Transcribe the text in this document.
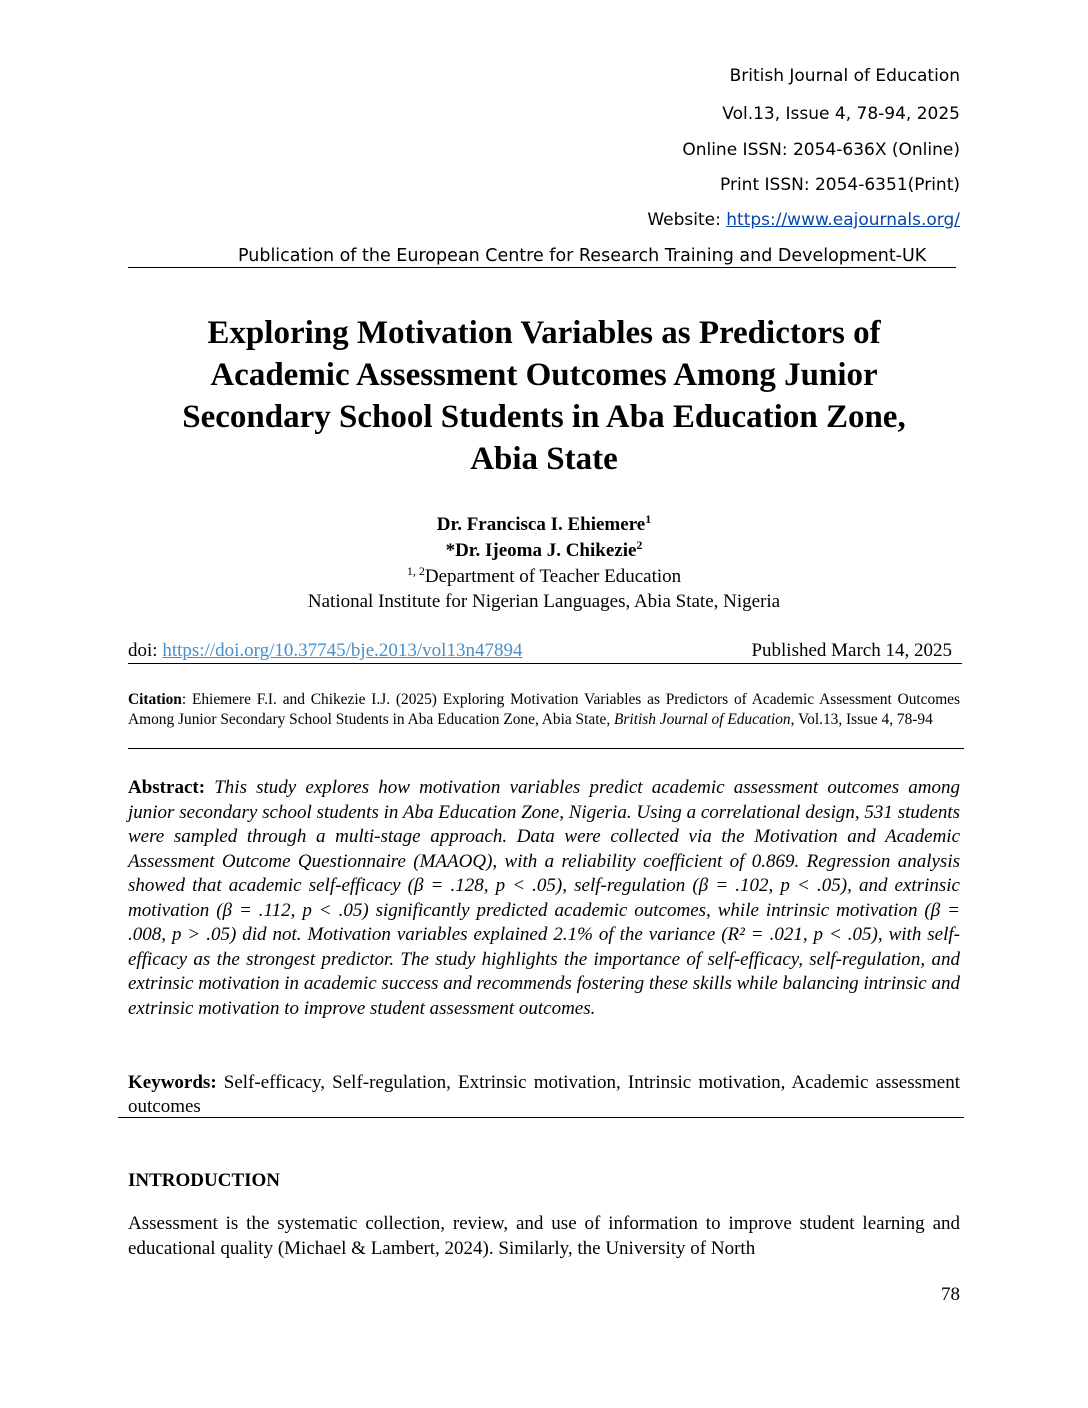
British Journal of Education
Vol.13, Issue 4, 78-94, 2025
Online ISSN: 2054-636X (Online)
Print ISSN: 2054-6351(Print)
Website: https://www.eajournals.org/
Publication of the European Centre for Research Training and Development-UK
Exploring Motivation Variables as Predictors of
Academic Assessment Outcomes Among Junior
Secondary School Students in Aba Education Zone,
Abia State
Dr. Francisca I. Ehiemere$^1$
*Dr. Ijeoma J. Chikezie$^2$
$^{1, 2}$Department of Teacher Education
National Institute for Nigerian Languages, Abia State, Nigeria
doi: https://doi.org/10.37745/bje.2013/vol13n47894	Published March 14, 2025
Citation: Ehiemere F.I. and Chikezie I.J. (2025) Exploring Motivation Variables as Predictors of Academic Assessment Outcomes Among Junior Secondary School Students in Aba Education Zone, Abia State, British Journal of Education, Vol.13, Issue 4, 78-94
Abstract: This study explores how motivation variables predict academic assessment outcomes among junior secondary school students in Aba Education Zone, Nigeria. Using a correlational design, 531 students were sampled through a multi-stage approach. Data were collected via the Motivation and Academic Assessment Outcome Questionnaire (MAAOQ), with a reliability coefficient of 0.869. Regression analysis showed that academic self-efficacy (β = .128, p < .05), self-regulation (β = .102, p < .05), and extrinsic motivation (β = .112, p < .05) significantly predicted academic outcomes, while intrinsic motivation (β = .008, p > .05) did not. Motivation variables explained 2.1% of the variance (R² = .021, p < .05), with self-efficacy as the strongest predictor. The study highlights the importance of self-efficacy, self-regulation, and extrinsic motivation in academic success and recommends fostering these skills while balancing intrinsic and extrinsic motivation to improve student assessment outcomes.
Keywords: Self-efficacy, Self-regulation, Extrinsic motivation, Intrinsic motivation, Academic assessment outcomes
INTRODUCTION
Assessment is the systematic collection, review, and use of information to improve student learning and educational quality (Michael & Lambert, 2024). Similarly, the University of North
78
